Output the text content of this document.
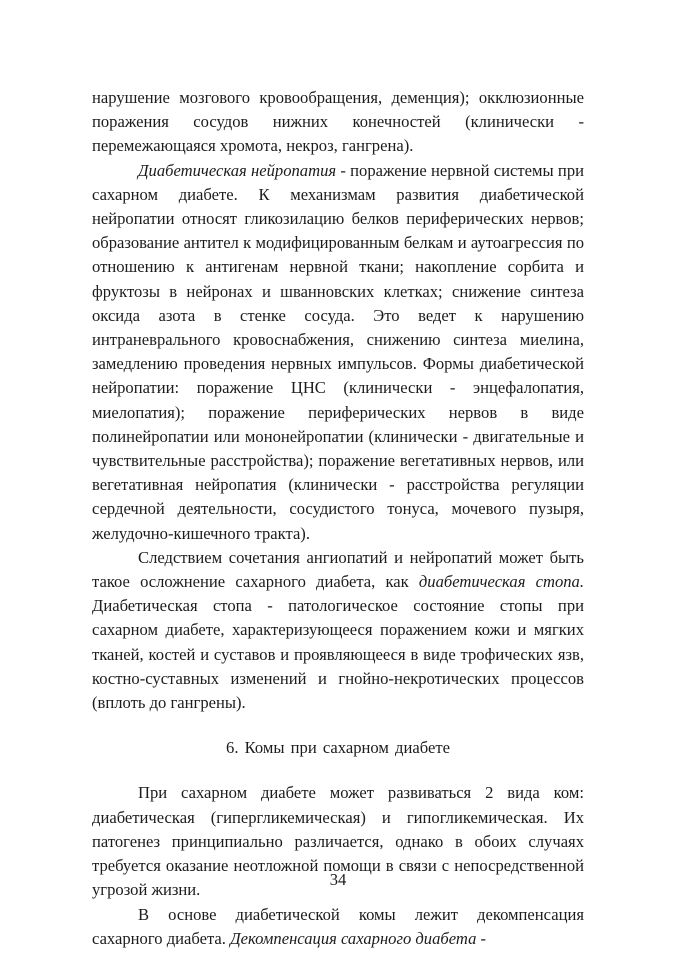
нарушение мозгового кровообращения, деменция); окклюзионные поражения сосудов нижних конечностей (клинически - перемежающаяся хромота, некроз, гангрена).

Диабетическая нейропатия - поражение нервной системы при сахарном диабете. К механизмам развития диабетической нейропатии относят гликозилацию белков периферических нервов; образование антител к модифицированным белкам и аутоагрессия по отношению к антигенам нервной ткани; накопление сорбита и фруктозы в нейронах и шванновских клетках; снижение синтеза оксида азота в стенке сосуда. Это ведет к нарушению интраневрального кровоснабжения, снижению синтеза миелина, замедлению проведения нервных импульсов. Формы диабетической нейропатии: поражение ЦНС (клинически - энцефалопатия, миелопатия); поражение периферических нервов в виде полинейропатии или мононейропатии (клинически - двигательные и чувствительные расстройства); поражение вегетативных нервов, или вегетативная нейропатия (клинически - расстройства регуляции сердечной деятельности, сосудистого тонуса, мочевого пузыря, желудочно-кишечного тракта).

Следствием сочетания ангиопатий и нейропатий может быть такое осложнение сахарного диабета, как диабетическая стопа. Диабетическая стопа - патологическое состояние стопы при сахарном диабете, характеризующееся поражением кожи и мягких тканей, костей и суставов и проявляющееся в виде трофических язв, костно-суставных изменений и гнойно-некротических процессов (вплоть до гангрены).

6. Комы при сахарном диабете

При сахарном диабете может развиваться 2 вида ком: диабетическая (гипергликемическая) и гипогликемическая. Их патогенез принципиально различается, однако в обоих случаях требуется оказание неотложной помощи в связи с непосредственной угрозой жизни.

В основе диабетической комы лежит декомпенсация сахарного диабета. Декомпенсация сахарного диабета -

34
